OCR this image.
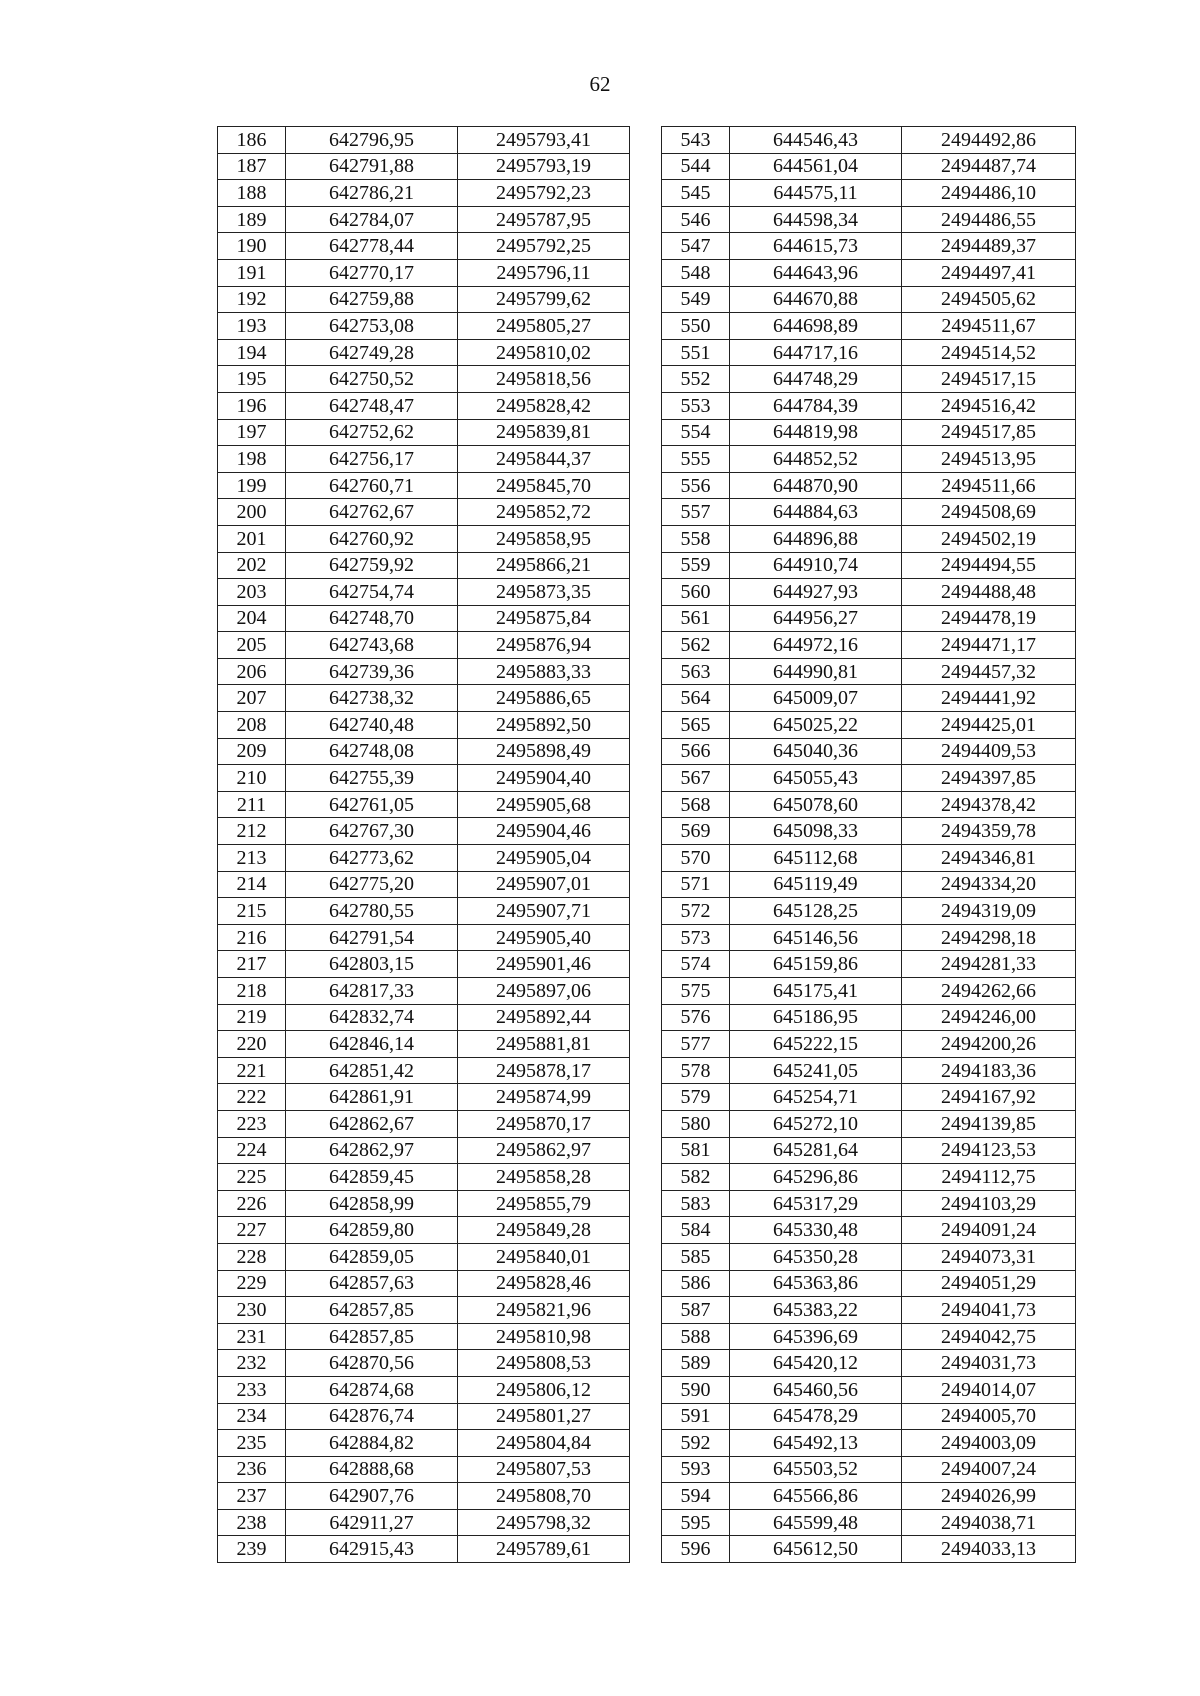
62
186	642796,95	2495793,41		543	644546,43	2494492,86
187	642791,88	2495793,19		544	644561,04	2494487,74
188	642786,21	2495792,23		545	644575,11	2494486,10
189	642784,07	2495787,95		546	644598,34	2494486,55
190	642778,44	2495792,25		547	644615,73	2494489,37
191	642770,17	2495796,11		548	644643,96	2494497,41
192	642759,88	2495799,62		549	644670,88	2494505,62
193	642753,08	2495805,27		550	644698,89	2494511,67
194	642749,28	2495810,02		551	644717,16	2494514,52
195	642750,52	2495818,56		552	644748,29	2494517,15
196	642748,47	2495828,42		553	644784,39	2494516,42
197	642752,62	2495839,81		554	644819,98	2494517,85
198	642756,17	2495844,37		555	644852,52	2494513,95
199	642760,71	2495845,70		556	644870,90	2494511,66
200	642762,67	2495852,72		557	644884,63	2494508,69
201	642760,92	2495858,95		558	644896,88	2494502,19
202	642759,92	2495866,21		559	644910,74	2494494,55
203	642754,74	2495873,35		560	644927,93	2494488,48
204	642748,70	2495875,84		561	644956,27	2494478,19
205	642743,68	2495876,94		562	644972,16	2494471,17
206	642739,36	2495883,33		563	644990,81	2494457,32
207	642738,32	2495886,65		564	645009,07	2494441,92
208	642740,48	2495892,50		565	645025,22	2494425,01
209	642748,08	2495898,49		566	645040,36	2494409,53
210	642755,39	2495904,40		567	645055,43	2494397,85
211	642761,05	2495905,68		568	645078,60	2494378,42
212	642767,30	2495904,46		569	645098,33	2494359,78
213	642773,62	2495905,04		570	645112,68	2494346,81
214	642775,20	2495907,01		571	645119,49	2494334,20
215	642780,55	2495907,71		572	645128,25	2494319,09
216	642791,54	2495905,40		573	645146,56	2494298,18
217	642803,15	2495901,46		574	645159,86	2494281,33
218	642817,33	2495897,06		575	645175,41	2494262,66
219	642832,74	2495892,44		576	645186,95	2494246,00
220	642846,14	2495881,81		577	645222,15	2494200,26
221	642851,42	2495878,17		578	645241,05	2494183,36
222	642861,91	2495874,99		579	645254,71	2494167,92
223	642862,67	2495870,17		580	645272,10	2494139,85
224	642862,97	2495862,97		581	645281,64	2494123,53
225	642859,45	2495858,28		582	645296,86	2494112,75
226	642858,99	2495855,79		583	645317,29	2494103,29
227	642859,80	2495849,28		584	645330,48	2494091,24
228	642859,05	2495840,01		585	645350,28	2494073,31
229	642857,63	2495828,46		586	645363,86	2494051,29
230	642857,85	2495821,96		587	645383,22	2494041,73
231	642857,85	2495810,98		588	645396,69	2494042,75
232	642870,56	2495808,53		589	645420,12	2494031,73
233	642874,68	2495806,12		590	645460,56	2494014,07
234	642876,74	2495801,27		591	645478,29	2494005,70
235	642884,82	2495804,84		592	645492,13	2494003,09
236	642888,68	2495807,53		593	645503,52	2494007,24
237	642907,76	2495808,70		594	645566,86	2494026,99
238	642911,27	2495798,32		595	645599,48	2494038,71
239	642915,43	2495789,61		596	645612,50	2494033,13
